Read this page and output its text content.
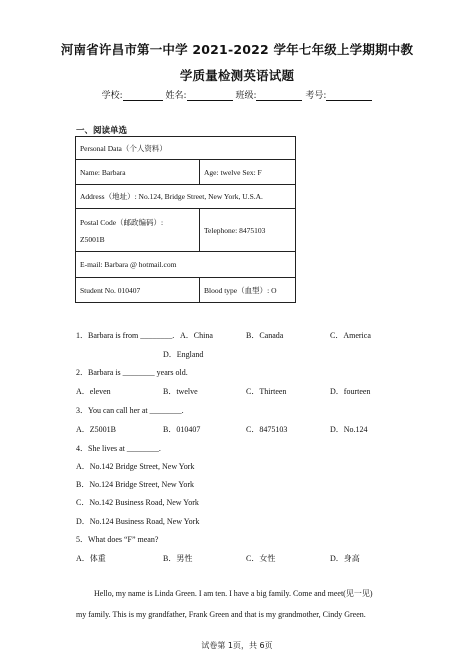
河南省许昌市第一中学 2021-2022 学年七年级上学期期中教
学质量检测英语试题
学校:	姓名:	班级:	考号:
一、阅读单选
Personal Data（个人资料）	
Name: Barbara	Age: twelve Sex: F
Address（地址）: No.124, Bridge Street, New York, U.S.A.	

Postal Code（邮政编码）:
Z5001B	Telephone: 8475103
E-mail: Barbara @ hotmail.com	
Student No. 010407	Blood type（血型）: O
1．Barbara is from ________. A．China	B．Canada	C．America
D．England
2．Barbara is ________ years old.
A．eleven	B．twelve	C．Thirteen	D．fourteen
3．You can call her at ________.
A．Z5001B	B．010407	C．8475103	D．No.124
4．She lives at ________.
A．No.142 Bridge Street, New York
B．No.124 Bridge Street, New York
C．No.142 Business Road, New York
D．No.124 Business Road, New York
5．What does “F” mean?
A．体重	B．男性	C．女性	D．身高
Hello, my name is Linda Green. I am ten. I have a big family. Come and meet(见一见)
my family. This is my grandfather, Frank Green and that is my grandmother, Cindy Green.
试卷第 1页，共 6页
